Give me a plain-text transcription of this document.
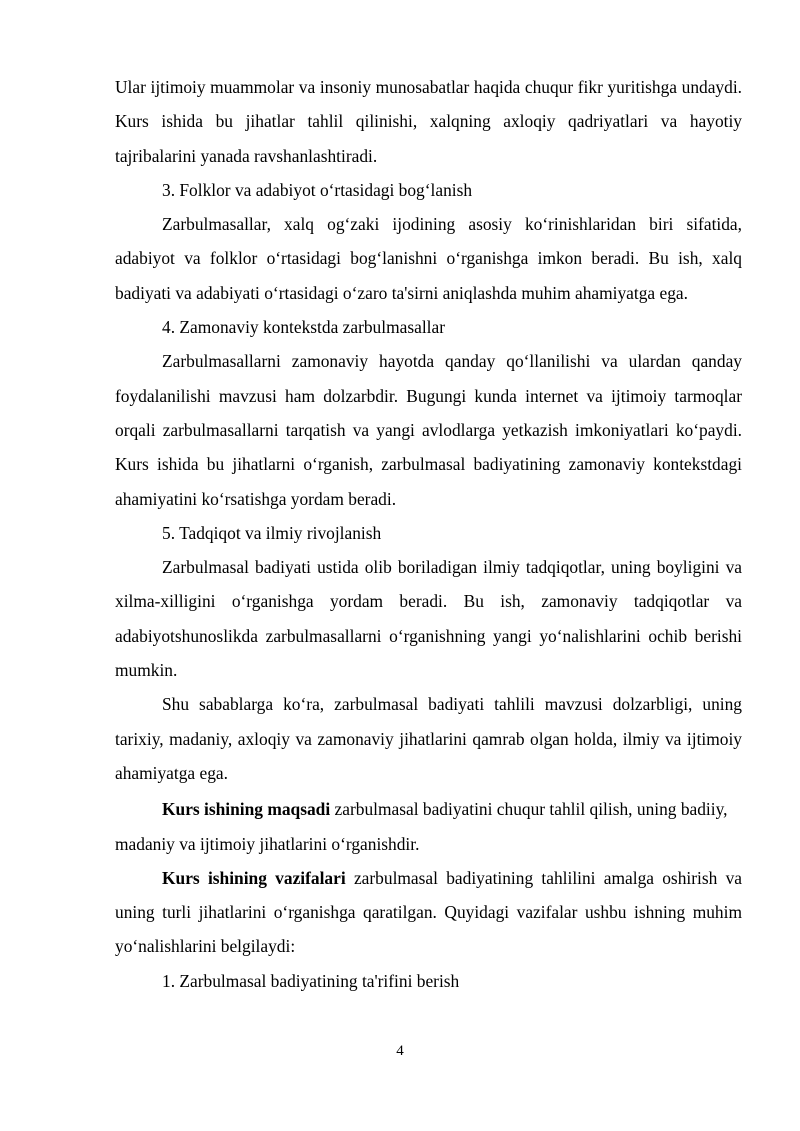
Ular ijtimoiy muammolar va insoniy munosabatlar haqida chuqur fikr yuritishga undaydi. Kurs ishida bu jihatlar tahlil qilinishi, xalqning axloqiy qadriyatlari va hayotiy tajribalarini yanada ravshanlashtiradi.

3. Folklor va adabiyot o‘rtasidagi bog‘lanish

Zarbulmasallar, xalq og‘zaki ijodining asosiy ko‘rinishlaridan biri sifatida, adabiyot va folklor o‘rtasidagi bog‘lanishni o‘rganishga imkon beradi. Bu ish, xalq badiyati va adabiyati o‘rtasidagi o‘zaro ta'sirni aniqlashda muhim ahamiyatga ega.

4. Zamonaviy kontekstda zarbulmasallar

Zarbulmasallarni zamonaviy hayotda qanday qo‘llanilishi va ulardan qanday foydalanilishi mavzusi ham dolzarbdir. Bugungi kunda internet va ijtimoiy tarmoqlar orqali zarbulmasallarni tarqatish va yangi avlodlarga yetkazish imkoniyatlari ko‘paydi. Kurs ishida bu jihatlarni o‘rganish, zarbulmasal badiyatining zamonaviy kontekstdagi ahamiyatini ko‘rsatishga yordam beradi.

5. Tadqiqot va ilmiy rivojlanish

Zarbulmasal badiyati ustida olib boriladigan ilmiy tadqiqotlar, uning boyligini va xilma-xilligini o‘rganishga yordam beradi. Bu ish, zamonaviy tadqiqotlar va adabiyotshunoslikda zarbulmasallarni o‘rganishning yangi yo‘nalishlarini ochib berishi mumkin.

Shu sabablarga ko‘ra, zarbulmasal badiyati tahlili mavzusi dolzarbligi, uning tarixiy, madaniy, axloqiy va zamonaviy jihatlarini qamrab olgan holda, ilmiy va ijtimoiy ahamiyatga ega.

Kurs ishining maqsadi zarbulmasal badiyatini chuqur tahlil qilish, uning badiiy, madaniy va ijtimoiy jihatlarini o‘rganishdir.

Kurs ishining vazifalari zarbulmasal badiyatining tahlilini amalga oshirish va uning turli jihatlarini o‘rganishga qaratilgan. Quyidagi vazifalar ushbu ishning muhim yo‘nalishlarini belgilaydi:

1. Zarbulmasal badiyatining ta'rifini berish

4
